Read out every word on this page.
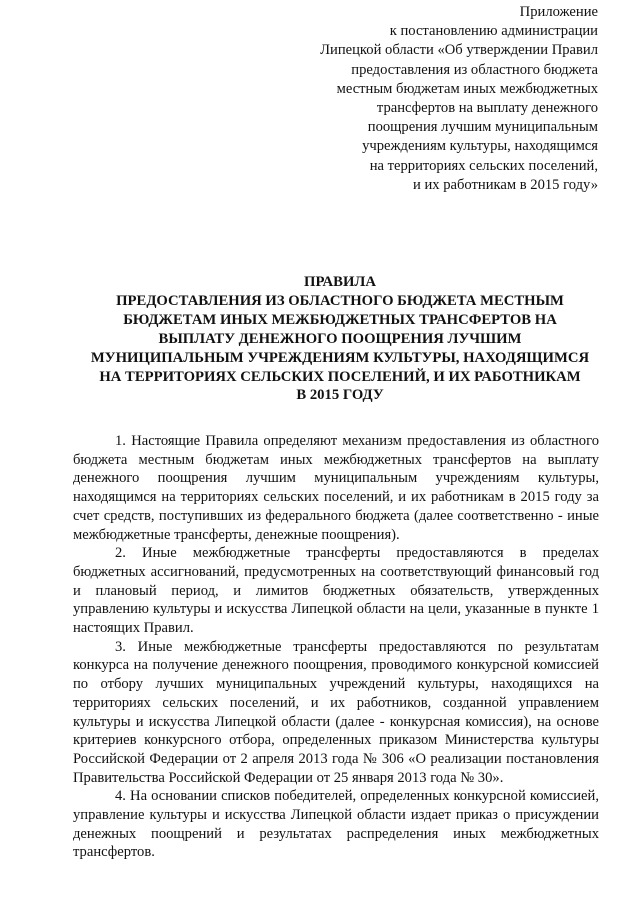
Приложение
к постановлению администрации
Липецкой области «Об утверждении Правил
предоставления из областного бюджета
местным бюджетам иных межбюджетных
трансфертов на выплату денежного
поощрения лучшим муниципальным
учреждениям культуры, находящимся
на территориях сельских поселений,
и их работникам в 2015 году»
ПРАВИЛА
ПРЕДОСТАВЛЕНИЯ ИЗ ОБЛАСТНОГО БЮДЖЕТА МЕСТНЫМ
БЮДЖЕТАМ ИНЫХ МЕЖБЮДЖЕТНЫХ ТРАНСФЕРТОВ НА
ВЫПЛАТУ ДЕНЕЖНОГО ПООЩРЕНИЯ ЛУЧШИМ
МУНИЦИПАЛЬНЫМ УЧРЕЖДЕНИЯМ КУЛЬТУРЫ, НАХОДЯЩИМСЯ
НА ТЕРРИТОРИЯХ СЕЛЬСКИХ ПОСЕЛЕНИЙ, И ИХ РАБОТНИКАМ
В 2015 ГОДУ

1. Настоящие Правила определяют механизм предоставления из областного бюджета местным бюджетам иных межбюджетных трансфертов на выплату денежного поощрения лучшим муниципальным учреждениям культуры, находящимся на территориях сельских поселений, и их работникам в 2015 году за счет средств, поступивших из федерального бюджета (далее соответственно - иные межбюджетные трансферты, денежные поощрения).

2. Иные межбюджетные трансферты предоставляются в пределах бюджетных ассигнований, предусмотренных на соответствующий финансовый год и плановый период, и лимитов бюджетных обязательств, утвержденных управлению культуры и искусства Липецкой области на цели, указанные в пункте 1 настоящих Правил.

3. Иные межбюджетные трансферты предоставляются по результатам конкурса на получение денежного поощрения, проводимого конкурсной комиссией по отбору лучших муниципальных учреждений культуры, находящихся на территориях сельских поселений, и их работников, созданной управлением культуры и искусства Липецкой области (далее - конкурсная комиссия), на основе критериев конкурсного отбора, определенных приказом Министерства культуры Российской Федерации от 2 апреля 2013 года № 306 «О реализации постановления Правительства Российской Федерации от 25 января 2013 года № 30».

4. На основании списков победителей, определенных конкурсной комиссией, управление культуры и искусства Липецкой области издает приказ о присуждении денежных поощрений и результатах распределения иных межбюджетных трансфертов.
